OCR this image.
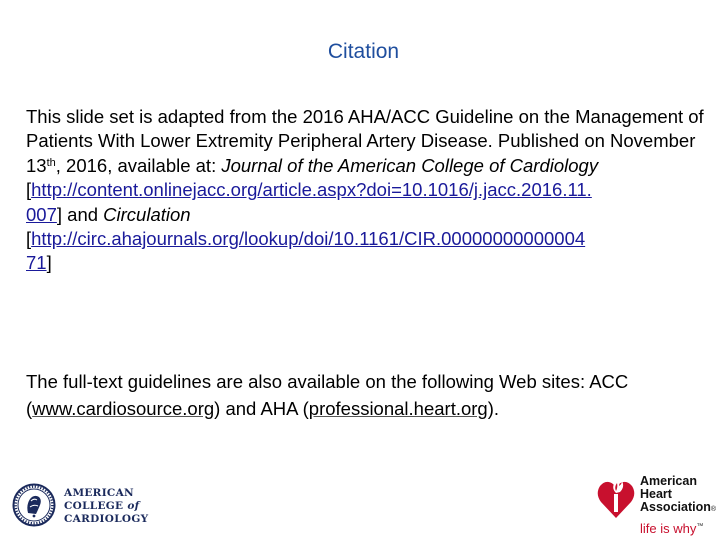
Citation

This slide set is adapted from the 2016 AHA/ACC Guideline on the Management of Patients With Lower Extremity Peripheral Artery Disease. Published on November 13th, 2016, available at: Journal of the American College of Cardiology
[http://content.onlinejacc.org/article.aspx?doi=10.1016/j.jacc.2016.11.
007] and Circulation
[http://circ.ahajournals.org/lookup/doi/10.1161/CIR.00000000000004
71]

The full-text guidelines are also available on the following Web sites: ACC (www.cardiosource.org) and AHA (professional.heart.org).
AMERICAN
COLLEGE of
CARDIOLOGY
American
Heart
Association®
life is why™
